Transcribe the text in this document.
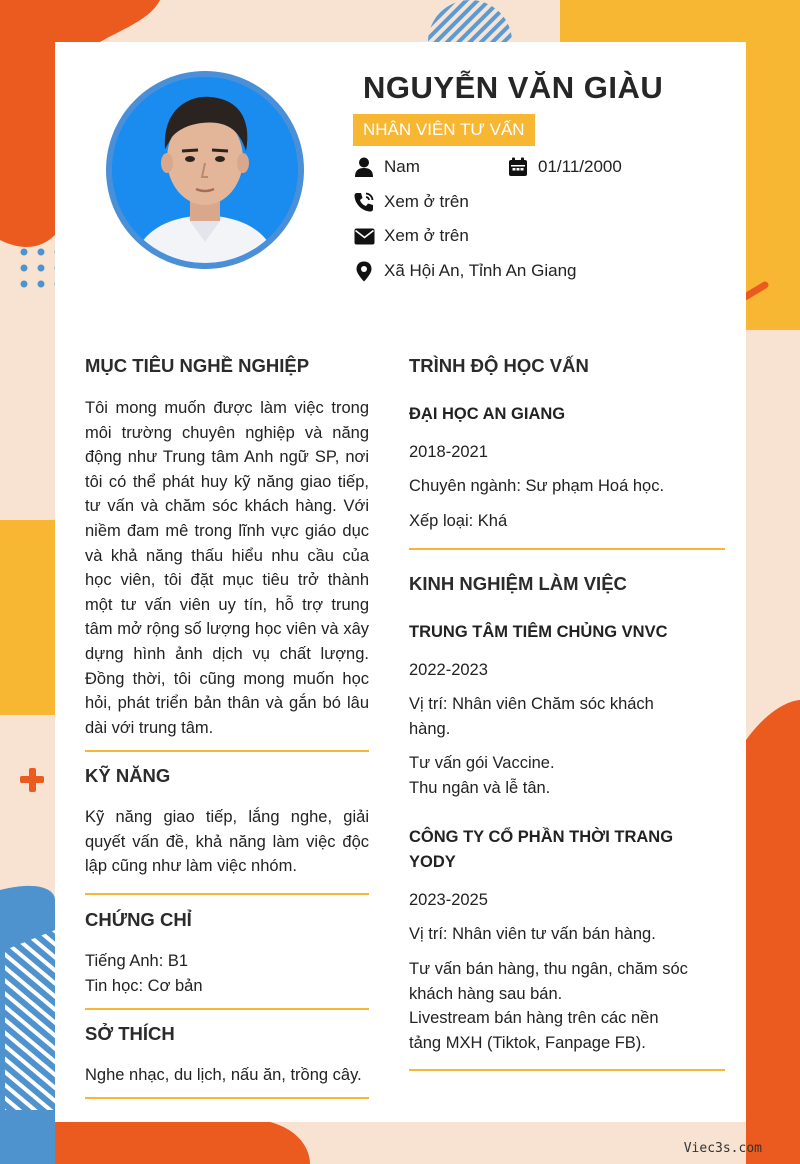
NGUYỄN VĂN GIÀU
NHÂN VIÊN TƯ VẤN
Nam	01/11/2000
Xem ở trên
Xem ở trên
Xã Hội An, Tỉnh An Giang
MỤC TIÊU NGHỀ NGHIỆP
Tôi mong muốn được làm việc trong môi trường chuyên nghiệp và năng động như Trung tâm Anh ngữ SP, nơi tôi có thể phát huy kỹ năng giao tiếp, tư vấn và chăm sóc khách hàng. Với niềm đam mê trong lĩnh vực giáo dục và khả năng thấu hiểu nhu cầu của học viên, tôi đặt mục tiêu trở thành một tư vấn viên uy tín, hỗ trợ trung tâm mở rộng số lượng học viên và xây dựng hình ảnh dịch vụ chất lượng. Đồng thời, tôi cũng mong muốn học hỏi, phát triển bản thân và gắn bó lâu dài với trung tâm.
KỸ NĂNG
Kỹ năng giao tiếp, lắng nghe, giải quyết vấn đề, khả năng làm việc độc lập cũng như làm việc nhóm.
CHỨNG CHỈ
Tiếng Anh: B1
Tin học: Cơ bản
SỞ THÍCH
Nghe nhạc, du lịch, nấu ăn, trồng cây.
TRÌNH ĐỘ HỌC VẤN
ĐẠI HỌC AN GIANG
2018-2021
Chuyên ngành: Sư phạm Hoá học.
Xếp loại: Khá
KINH NGHIỆM LÀM VIỆC
TRUNG TÂM TIÊM CHỦNG VNVC
2022-2023
Vị trí: Nhân viên Chăm sóc khách hàng.
Tư vấn gói Vaccine.
Thu ngân và lễ tân.
CÔNG TY CỔ PHẦN THỜI TRANG YODY
2023-2025
Vị trí: Nhân viên tư vấn bán hàng.
Tư vấn bán hàng, thu ngân, chăm sóc khách hàng sau bán.
Livestream bán hàng trên các nền tảng MXH (Tiktok, Fanpage FB).
Viec3s.com
